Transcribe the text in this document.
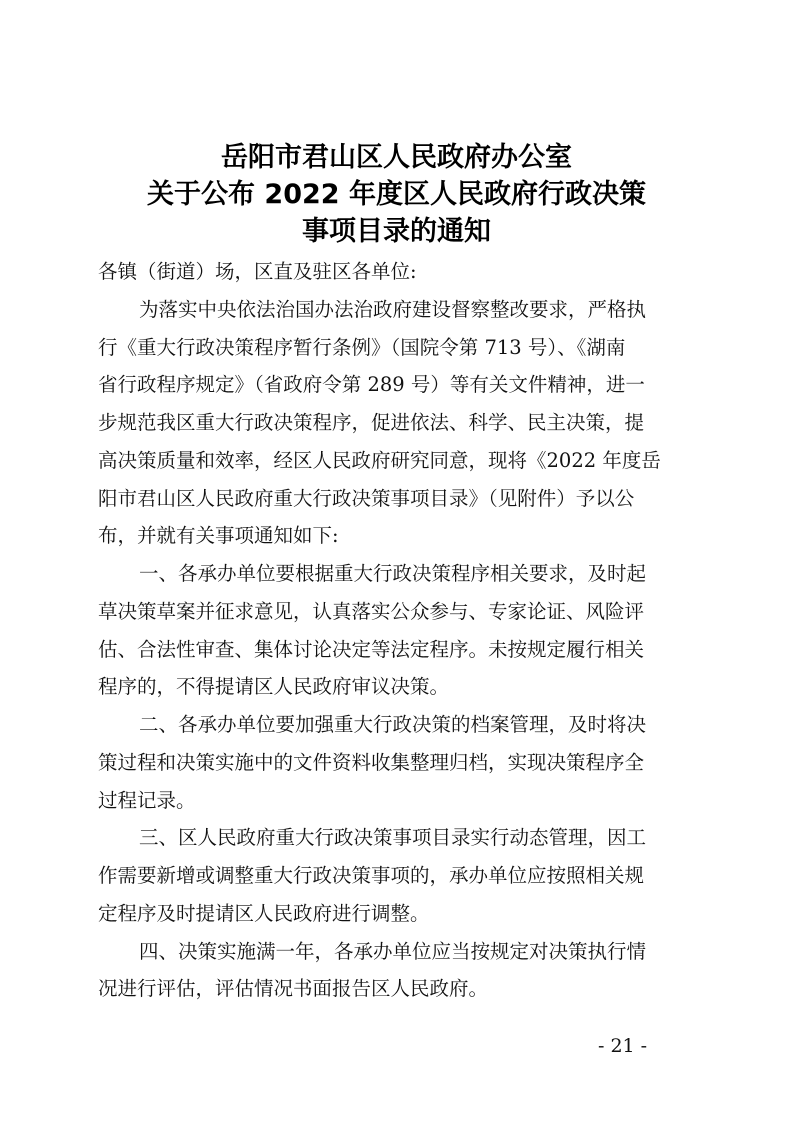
岳阳市君山区人民政府办公室
关于公布 2022 年度区人民政府行政决策
事项目录的通知
各镇（街道）场，区直及驻区各单位:
为落实中央依法治国办法治政府建设督察整改要求，严格执
行《重大行政决策程序暂行条例》（国院令第 713 号）、《湖南
省行政程序规定》（省政府令第 289 号）等有关文件精神，进一
步规范我区重大行政决策程序，促进依法、科学、民主决策，提
高决策质量和效率，经区人民政府研究同意，现将《2022 年度岳
阳市君山区人民政府重大行政决策事项目录》（见附件）予以公
布，并就有关事项通知如下:
一、各承办单位要根据重大行政决策程序相关要求，及时起
草决策草案并征求意见，认真落实公众参与、专家论证、风险评
估、合法性审查、集体讨论决定等法定程序。未按规定履行相关
程序的，不得提请区人民政府审议决策。
二、各承办单位要加强重大行政决策的档案管理，及时将决
策过程和决策实施中的文件资料收集整理归档，实现决策程序全
过程记录。
三、区人民政府重大行政决策事项目录实行动态管理，因工
作需要新增或调整重大行政决策事项的，承办单位应按照相关规
定程序及时提请区人民政府进行调整。
四、决策实施满一年，各承办单位应当按规定对决策执行情
况进行评估，评估情况书面报告区人民政府。
- 21 -
